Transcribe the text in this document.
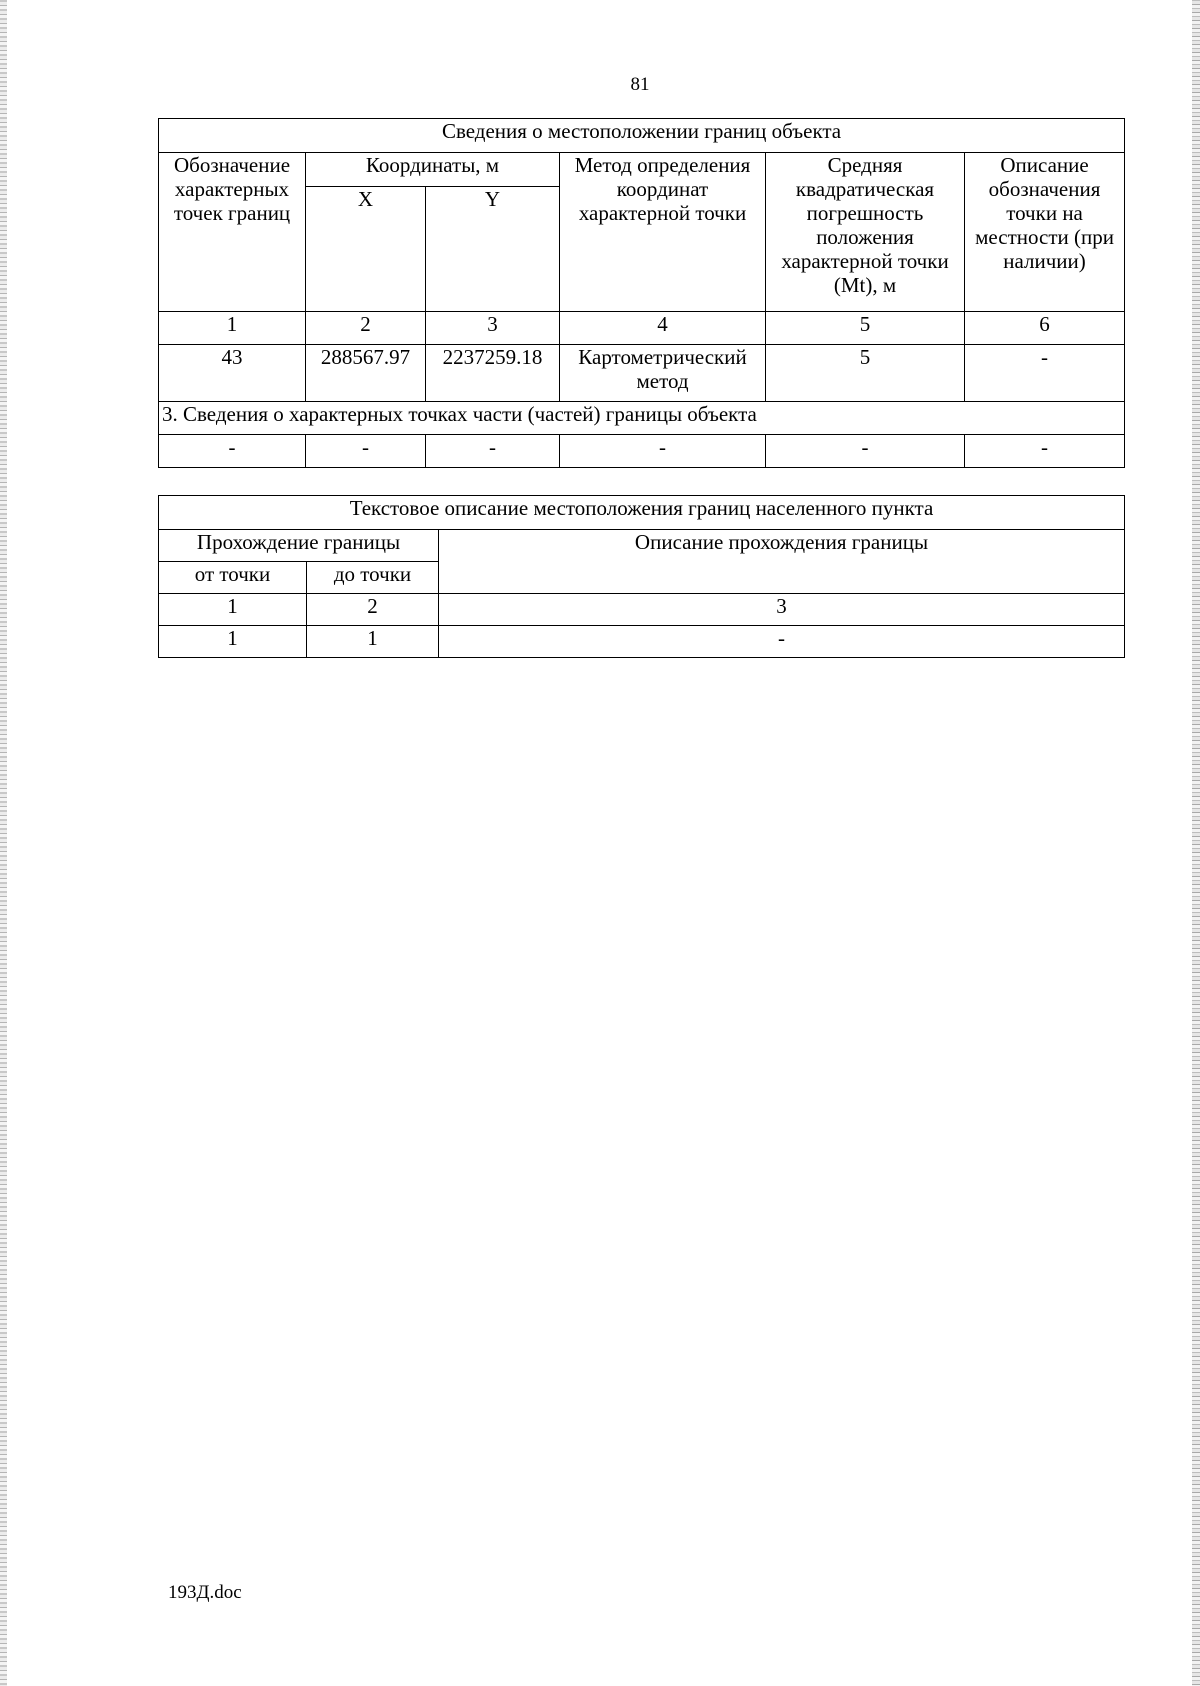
81
Сведения о местоположении границ объекта					
Обозначение характерных точек границ	Координаты, м		Метод определения координат характерной точки	Средняя квадратическая погрешность положения характерной точки (Mt), м	Описание обозначения точки на местности (при наличии)
	X	Y			
1	2	3	4	5	6
43	288567.97	2237259.18	Картометрический метод	5	-
3. Сведения о характерных точках части (частей) границы объекта					
-	-	-	-	-	-
Текстовое описание местоположения границ населенного пункта		
Прохождение границы		Описание прохождения границы
от точки	до точки	
1	2	3
1	1	-
193Д.doc
